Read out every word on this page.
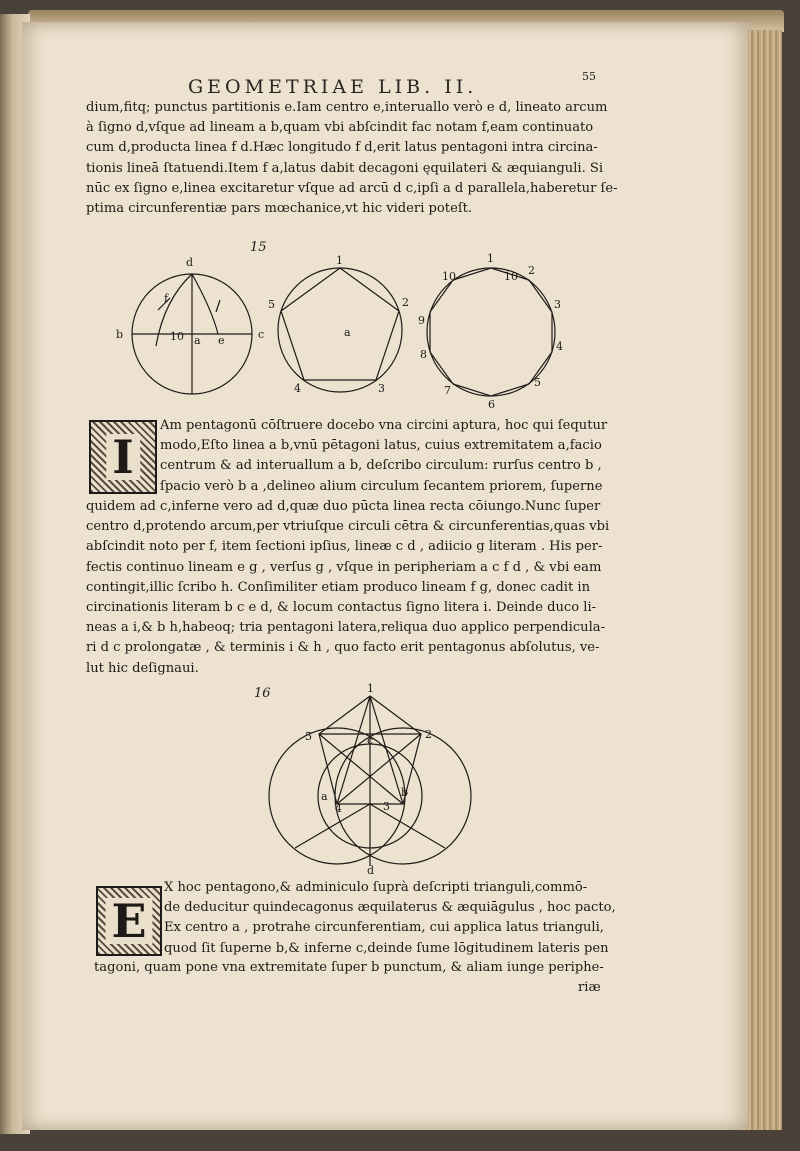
GEOMETRIAE LIB. II.	55
dium,fitq; punctus partitionis e.Iam centro e,interuallo verò e d, lineato arcum
à ſigno d,vſque ad lineam a b,quam vbi abſcindit fac notam f,eam continuato
cum d,producta linea f d.Hæc longitudo f d,erit latus pentagoni intra circina-
tionis lineā ſtatuendi.Item f a,latus dabit decagoni ęquilateri & æquianguli. Si
nūc ex ſigno e,linea excitaretur vſque ad arcū d c,ipſi a d parallela,haberetur ſe-
ptima circunferentiæ pars mœchanice,vt hic videri poteſt.
15
d
f
b	10 a e	c
1
2
3
4
5
a
1
2
3
4
5
6
7
8
9
10	10
I
Am pentagonū cōſtruere docebo vna circini aptura, hoc qui ſequtur
modo,Eſto linea a b,vnū pētagoni latus, cuius extremitatem a,facio
centrum & ad interuallum a b, deſcribo circulum: rurſus centro b ,
ſpacio verò b a ,delineo alium circulum ſecantem priorem, ſuperne
quidem ad c,inferne vero ad d,quæ duo pūcta linea recta cōiungo.Nunc ſuper
centro d,protendo arcum,per vtriuſque circuli cētra & circunferentias,quas vbi
abſcindit noto per f, item ſectioni ipſius, lineæ c d , adiicio g literam . His per-
fectis continuo lineam e g , verſus g , vſque in peripheriam a c f d , & vbi eam
contingit,illic ſcribo h. Conſimiliter etiam produco lineam f g, donec cadit in
circinationis literam b c e d, & locum contactus ſigno litera i. Deinde duco li-
neas a i,& b h,habeoq; tria pentagoni latera,reliqua duo applico perpendicula-
ri d c prolongatæ , & terminis i & h , quo facto erit pentagonus abſolutus, ve-
lut hic deſignaui.
16	1
5	2
c
a
4	3
b
d
E
X hoc pentagono,& adminiculo ſuprà deſcripti trianguli,commō-
de deducitur quindecagonus æquilaterus & æquiāgulus , hoc pacto,
Ex centro a , protrahe circunferentiam, cui applica latus trianguli,
quod ſit ſuperne b,& inferne c,deinde ſume lōgitudinem lateris pen
tagoni, quam pone vna extremitate ſuper b punctum, & aliam iunge periphe-
riæ
